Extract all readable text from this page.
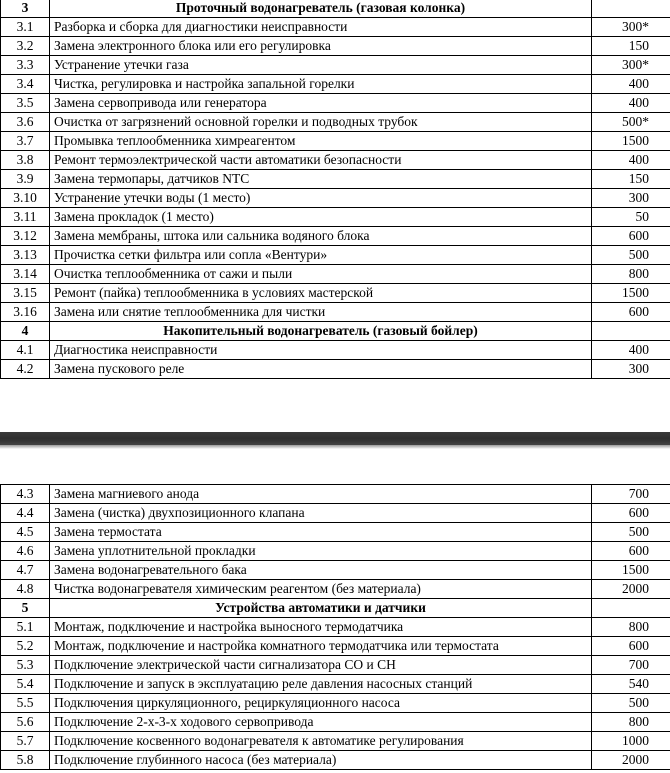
3	Проточный водонагреватель (газовая колонка)	
3.1	Разборка и сборка для диагностики неисправности	300*
3.2	Замена электронного блока или его регулировка	150
3.3	Устранение утечки газа	300*
3.4	Чистка, регулировка и настройка запальной горелки	400
3.5	Замена сервопривода или генератора	400
3.6	Очистка от загрязнений основной горелки и подводных трубок	500*
3.7	Промывка теплообменника химреагентом	1500
3.8	Ремонт термоэлектрической части автоматики безопасности	400
3.9	Замена термопары, датчиков NTC	150
3.10	Устранение утечки воды (1 место)	300
3.11	Замена прокладок (1 место)	50
3.12	Замена мембраны, штока или сальника водяного блока	600
3.13	Прочистка сетки фильтра или сопла «Вентури»	500
3.14	Очистка теплообменника от сажи и пыли	800
3.15	Ремонт (пайка) теплообменника в условиях мастерской	1500
3.16	Замена или снятие теплообменника для чистки	600
4	Накопительный водонагреватель (газовый бойлер)	
4.1	Диагностика неисправности	400
4.2	Замена пускового реле	300
4.3	Замена магниевого анода	700
4.4	Замена (чистка) двухпозиционного клапана	600
4.5	Замена термостата	500
4.6	Замена уплотнительной прокладки	600
4.7	Замена водонагревательного бака	1500
4.8	Чистка водонагревателя химическим реагентом (без материала)	2000
5	Устройства автоматики и датчики	
5.1	Монтаж, подключение и настройка выносного термодатчика	800
5.2	Монтаж, подключение и настройка комнатного термодатчика или термостата	600
5.3	Подключение электрической части сигнализатора СО и СН	700
5.4	Подключение и запуск в эксплуатацию реле давления насосных станций	540
5.5	Подключения циркуляционного, рециркуляционного насоса	500
5.6	Подключение 2-х-3-х ходового сервопривода	800
5.7	Подключение косвенного водонагревателя к автоматике регулирования	1000
5.8	Подключение глубинного насоса (без материала)	2000
